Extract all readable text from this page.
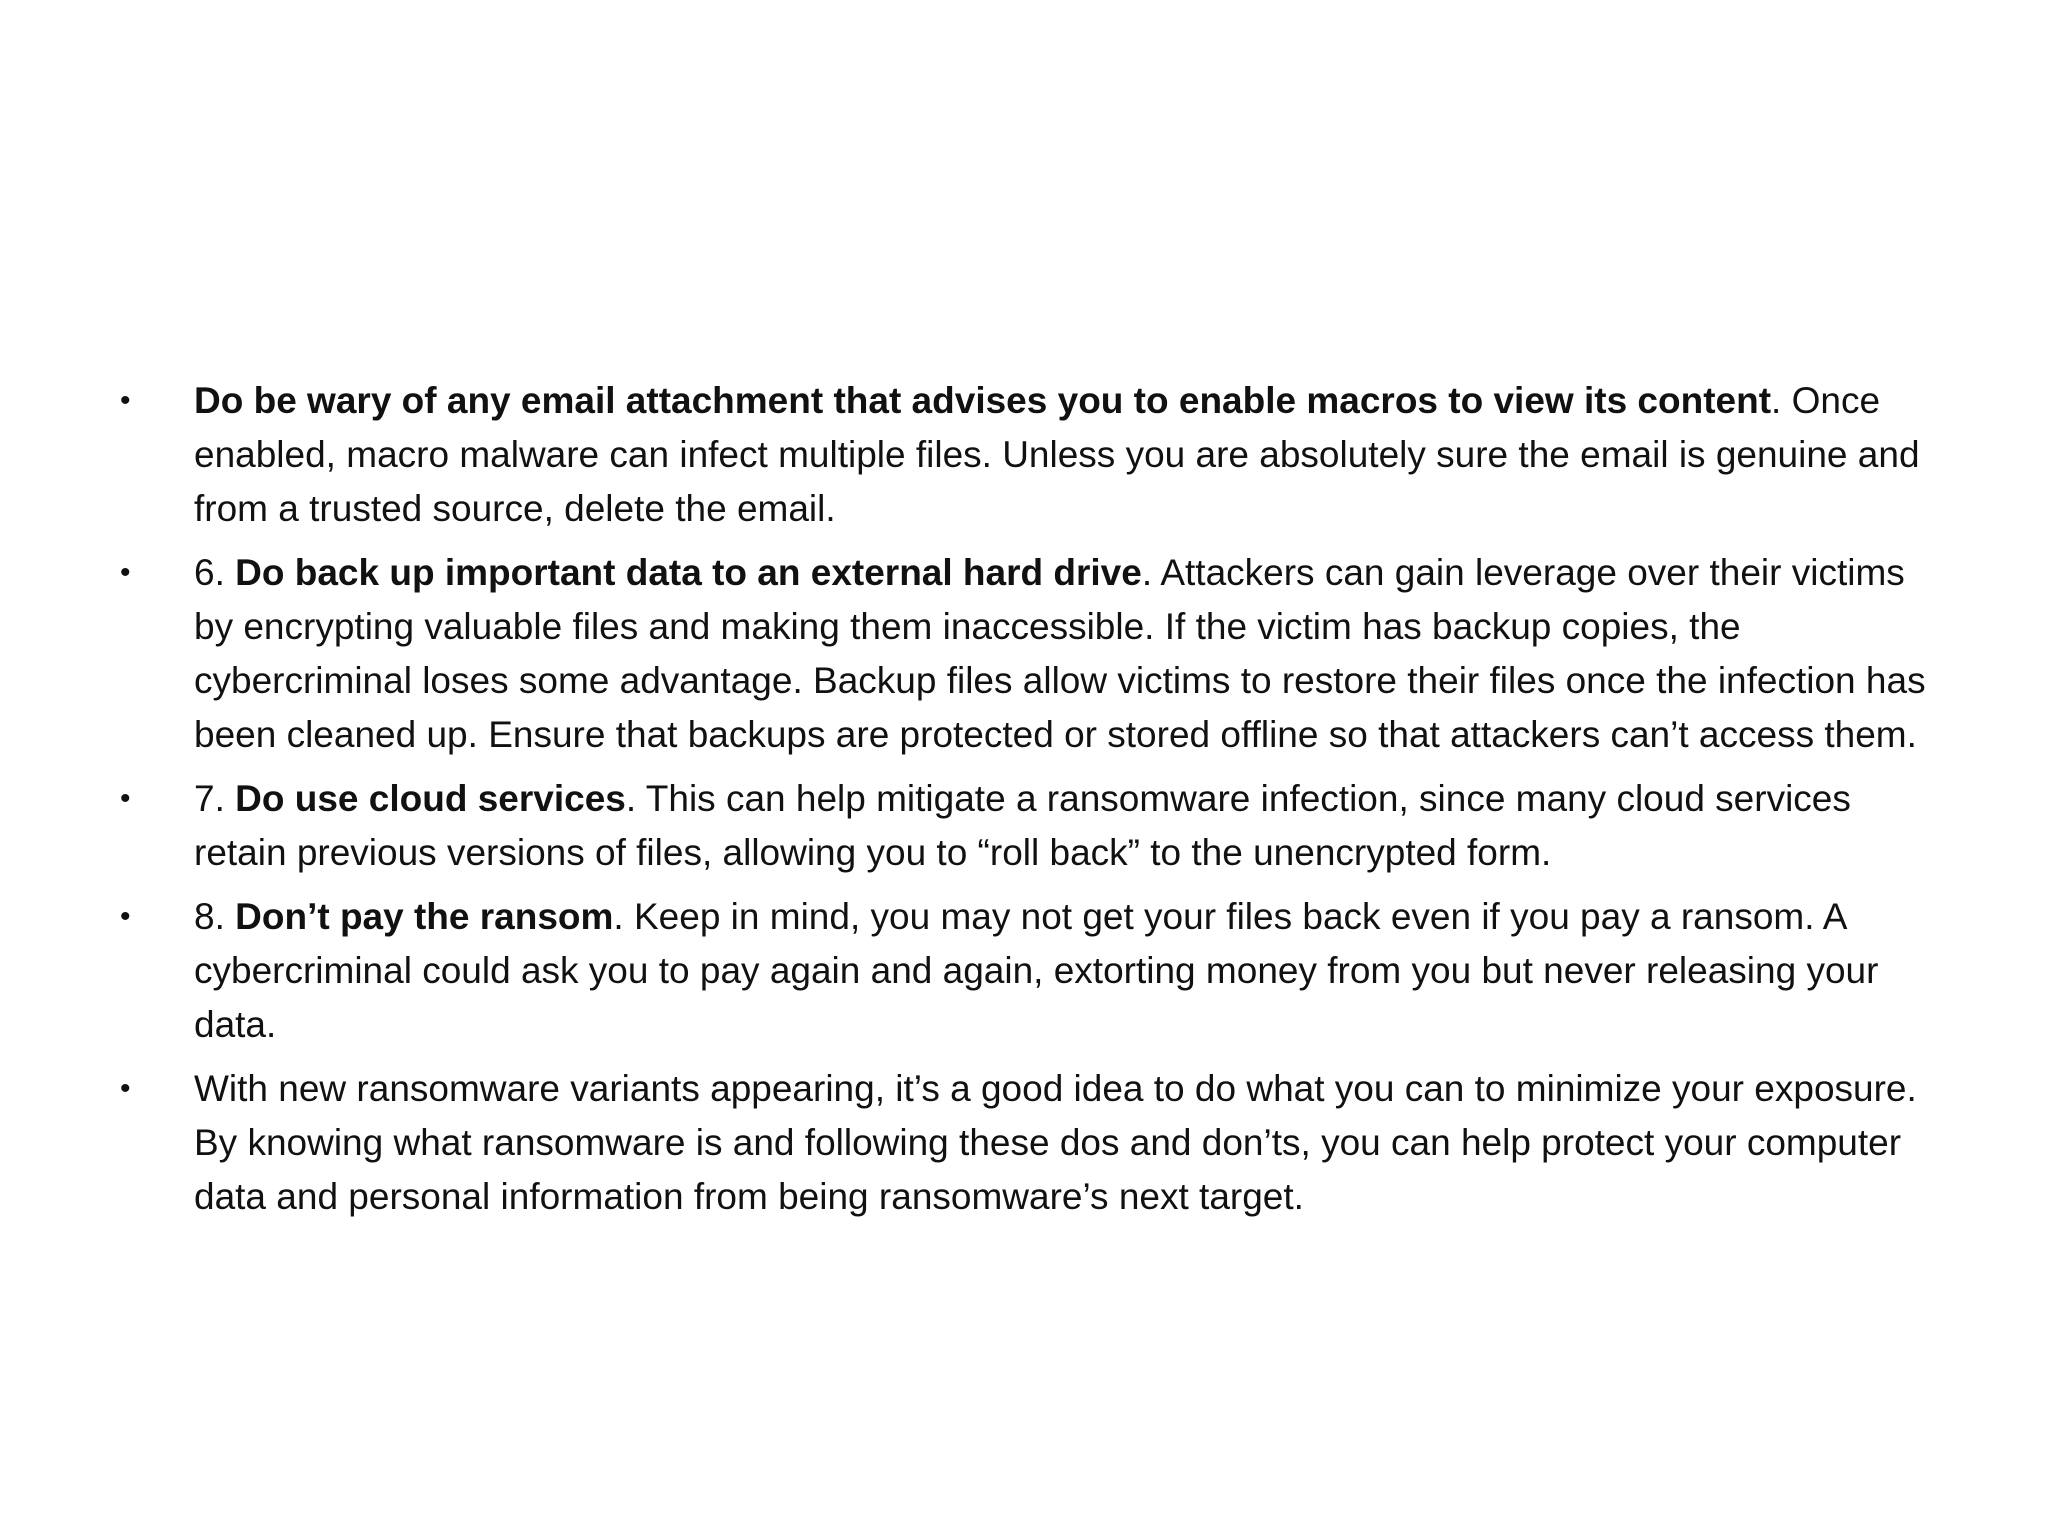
•	Do be wary of any email attachment that advises you to enable macros to view its content. Once enabled, macro malware can infect multiple files. Unless you are absolutely sure the email is genuine and from a trusted source, delete the email.
•	6. Do back up important data to an external hard drive. Attackers can gain leverage over their victims by encrypting valuable files and making them inaccessible. If the victim has backup copies, the cybercriminal loses some advantage. Backup files allow victims to restore their files once the infection has been cleaned up. Ensure that backups are protected or stored offline so that attackers can’t access them.
•	7. Do use cloud services. This can help mitigate a ransomware infection, since many cloud services retain previous versions of files, allowing you to “roll back” to the unencrypted form.
•	8. Don’t pay the ransom. Keep in mind, you may not get your files back even if you pay a ransom. A cybercriminal could ask you to pay again and again, extorting money from you but never releasing your data.
•	With new ransomware variants appearing, it’s a good idea to do what you can to minimize your exposure. By knowing what ransomware is and following these dos and don’ts, you can help protect your computer data and personal information from being ransomware’s next target.
